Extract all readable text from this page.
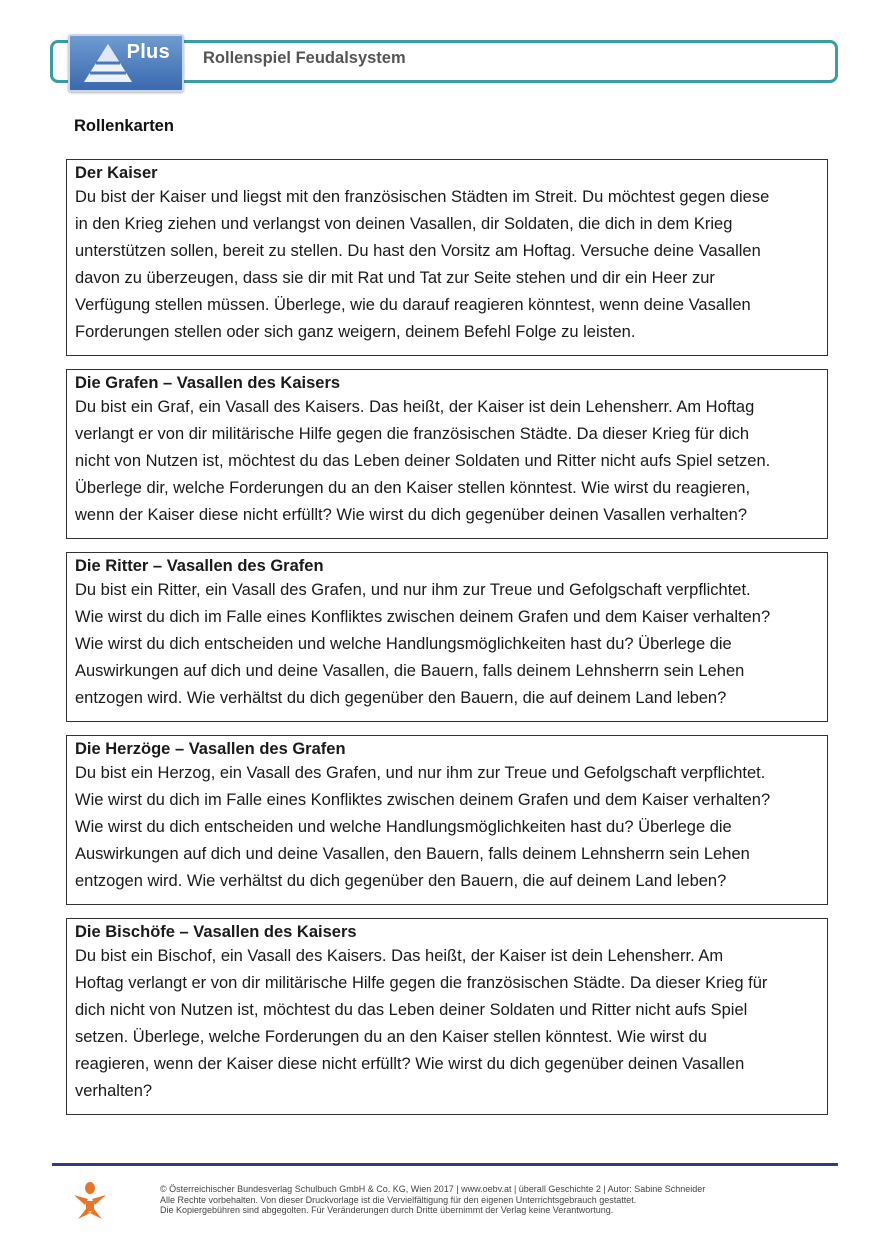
Plus Rollenspiel Feudalsystem
Rollenkarten
Der Kaiser
Du bist der Kaiser und liegst mit den französischen Städten im Streit. Du möchtest gegen diese
in den Krieg ziehen und verlangst von deinen Vasallen, dir Soldaten, die dich in dem Krieg
unterstützen sollen, bereit zu stellen. Du hast den Vorsitz am Hoftag. Versuche deine Vasallen
davon zu überzeugen, dass sie dir mit Rat und Tat zur Seite stehen und dir ein Heer zur
Verfügung stellen müssen. Überlege, wie du darauf reagieren könntest, wenn deine Vasallen
Forderungen stellen oder sich ganz weigern, deinem Befehl Folge zu leisten.
Die Grafen – Vasallen des Kaisers
Du bist ein Graf, ein Vasall des Kaisers. Das heißt, der Kaiser ist dein Lehensherr. Am Hoftag
verlangt er von dir militärische Hilfe gegen die französischen Städte. Da dieser Krieg für dich
nicht von Nutzen ist, möchtest du das Leben deiner Soldaten und Ritter nicht aufs Spiel setzen.
Überlege dir, welche Forderungen du an den Kaiser stellen könntest. Wie wirst du reagieren,
wenn der Kaiser diese nicht erfüllt? Wie wirst du dich gegenüber deinen Vasallen verhalten?
Die Ritter – Vasallen des Grafen
Du bist ein Ritter, ein Vasall des Grafen, und nur ihm zur Treue und Gefolgschaft verpflichtet.
Wie wirst du dich im Falle eines Konfliktes zwischen deinem Grafen und dem Kaiser verhalten?
Wie wirst du dich entscheiden und welche Handlungsmöglichkeiten hast du? Überlege die
Auswirkungen auf dich und deine Vasallen, die Bauern, falls deinem Lehnsherrn sein Lehen
entzogen wird. Wie verhältst du dich gegenüber den Bauern, die auf deinem Land leben?
Die Herzöge – Vasallen des Grafen
Du bist ein Herzog, ein Vasall des Grafen, und nur ihm zur Treue und Gefolgschaft verpflichtet.
Wie wirst du dich im Falle eines Konfliktes zwischen deinem Grafen und dem Kaiser verhalten?
Wie wirst du dich entscheiden und welche Handlungsmöglichkeiten hast du? Überlege die
Auswirkungen auf dich und deine Vasallen, den Bauern, falls deinem Lehnsherrn sein Lehen
entzogen wird. Wie verhältst du dich gegenüber den Bauern, die auf deinem Land leben?
Die Bischöfe – Vasallen des Kaisers
Du bist ein Bischof, ein Vasall des Kaisers. Das heißt, der Kaiser ist dein Lehensherr. Am
Hoftag verlangt er von dir militärische Hilfe gegen die französischen Städte. Da dieser Krieg für
dich nicht von Nutzen ist, möchtest du das Leben deiner Soldaten und Ritter nicht aufs Spiel
setzen. Überlege, welche Forderungen du an den Kaiser stellen könntest. Wie wirst du
reagieren, wenn der Kaiser diese nicht erfüllt? Wie wirst du dich gegenüber deinen Vasallen
verhalten?
© Österreichischer Bundesverlag Schulbuch GmbH & Co. KG, Wien 2017 | www.oebv.at | überall Geschichte 2 | Autor: Sabine Schneider
Alle Rechte vorbehalten. Von dieser Druckvorlage ist die Vervielfältigung für den eigenen Unterrichtsgebrauch gestattet.
Die Kopiergebühren sind abgegolten. Für Veränderungen durch Dritte übernimmt der Verlag keine Verantwortung.
